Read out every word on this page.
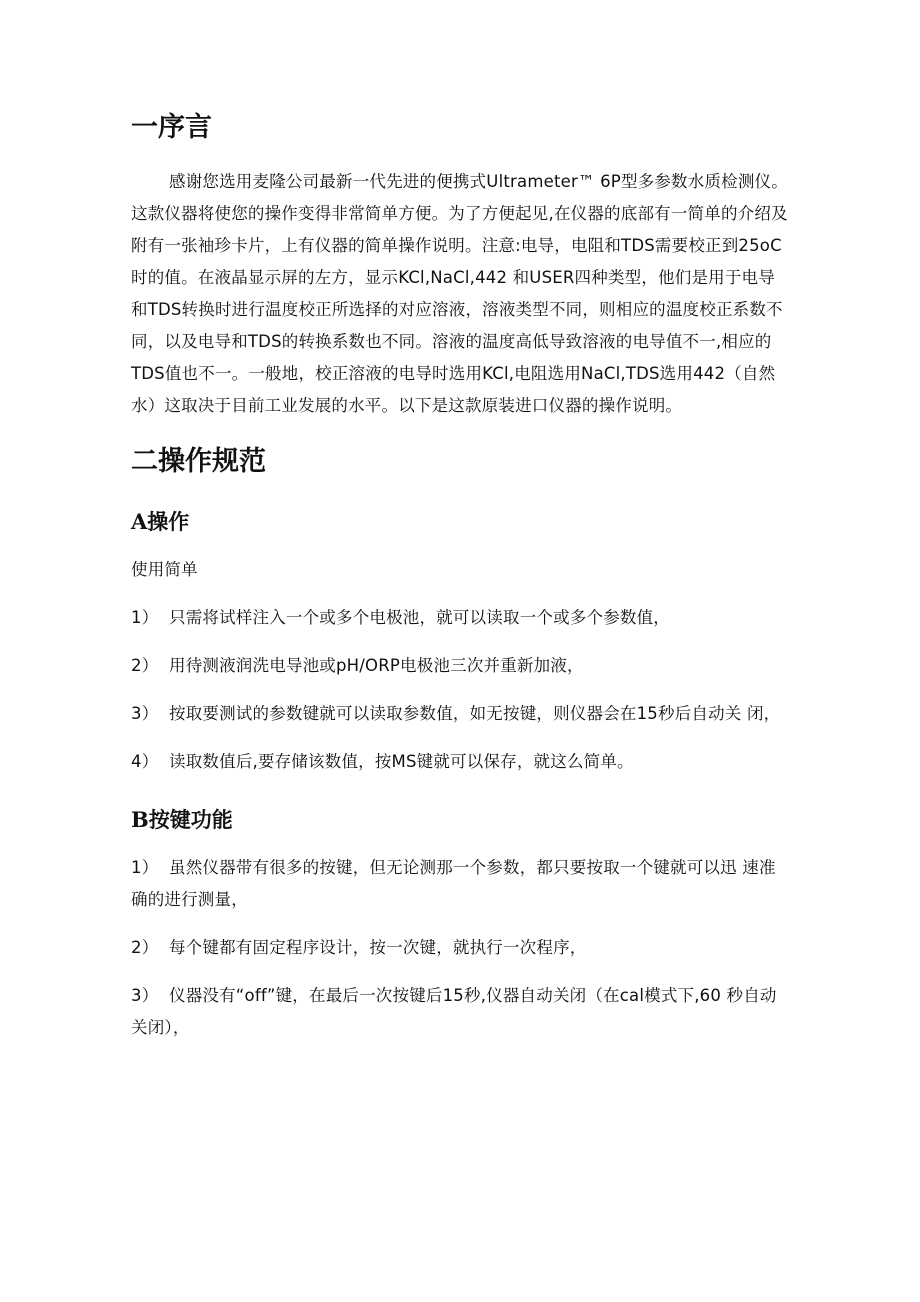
一序言

感谢您选用麦隆公司最新一代先进的便携式Ultrameter™ 6P型多参数水质检测仪。这款仪器将使您的操作变得非常简单方便。为了方便起见,在仪器的底部有一简单的介绍及附有一张袖珍卡片，上有仪器的简单操作说明。注意:电导，电阻和TDS需要校正到25oC时的值。在液晶显示屏的左方，显示KCl,NaCl,442 和USER四种类型，他们是用于电导和TDS转换时进行温度校正所选择的对应溶液，溶液类型不同，则相应的温度校正系数不同，以及电导和TDS的转换系数也不同。溶液的温度高低导致溶液的电导值不一,相应的TDS值也不一。一般地，校正溶液的电导时选用KCl,电阻选用NaCl,TDS选用442（自然水）这取决于目前工业发展的水平。以下是这款原装进口仪器的操作说明。

二操作规范
A操作

使用简单

1） 只需将试样注入一个或多个电极池，就可以读取一个或多个参数值，

2） 用待测液润洗电导池或pH/ORP电极池三次并重新加液，

3） 按取要测试的参数键就可以读取参数值，如无按键，则仪器会在15秒后自动关 闭，

4） 读取数值后,要存储该数值，按MS键就可以保存，就这么简单。

B按键功能

1） 虽然仪器带有很多的按键，但无论测那一个参数，都只要按取一个键就可以迅 速准确的进行测量，

2） 每个键都有固定程序设计，按一次键，就执行一次程序，

3） 仪器没有“off”键，在最后一次按键后15秒,仪器自动关闭（在cal模式下,60 秒自动关闭），
